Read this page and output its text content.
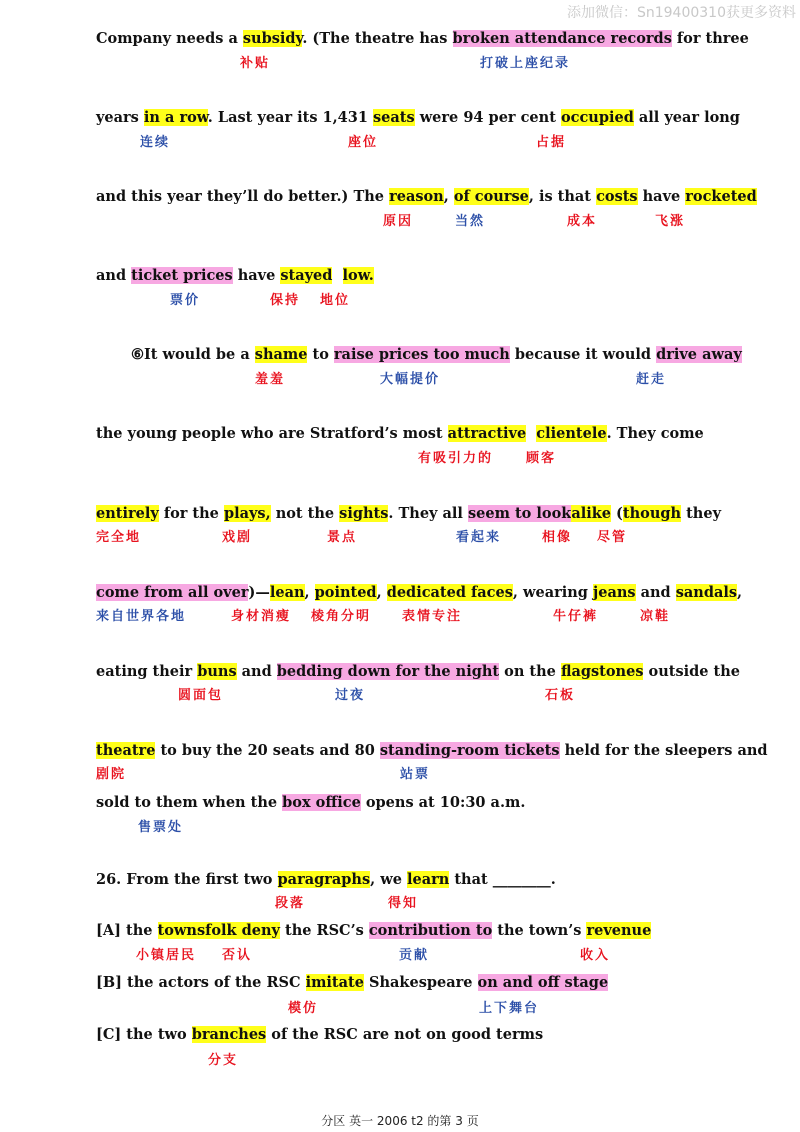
添加微信：Sn19400310获更多资料
Company needs a subsidy. (The theatre has broken attendance records for three
years in a row. Last year its 1,431 seats were 94 per cent occupied all year long
and this year they’ll do better.) The reason, of course, is that costs have rocketed
and ticket prices have stayed low.
⑥It would be a shame to raise prices too much because it would drive away
the young people who are Stratford’s most attractive clientele. They come
entirely for the plays, not the sights. They all seem to lookalike (though they
come from all over)—lean, pointed, dedicated faces, wearing jeans and sandals,
eating their buns and bedding down for the night on the flagstones outside the
theatre to buy the 20 seats and 80 standing-room tickets held for the sleepers and
sold to them when the box office opens at 10:30 a.m.
26. From the first two paragraphs, we learn that ________.
[A] the townsfolk deny the RSC’s contribution to the town’s revenue
[B] the actors of the RSC imitate Shakespeare on and off stage
[C] the two branches of the RSC are not on good terms
补贴	打破上座纪录
连续	座位	占据
原因	当然	成本	飞涨
票价	保持 地位
羞羞	大幅提价	赶走
有吸引力的	顾客
完全地	戏剧	景点	看起来	相像 尽管
来自世界各地	身材消瘦 棱角分明 表情专注	牛仔裤	凉鞋
圆面包	过夜	石板
剧院	站票
售票处
段落	得知
小镇居民 否认	贡献	收入
模仿	上下舞台
分支
分区 英一 2006 t2 的第 3 页
